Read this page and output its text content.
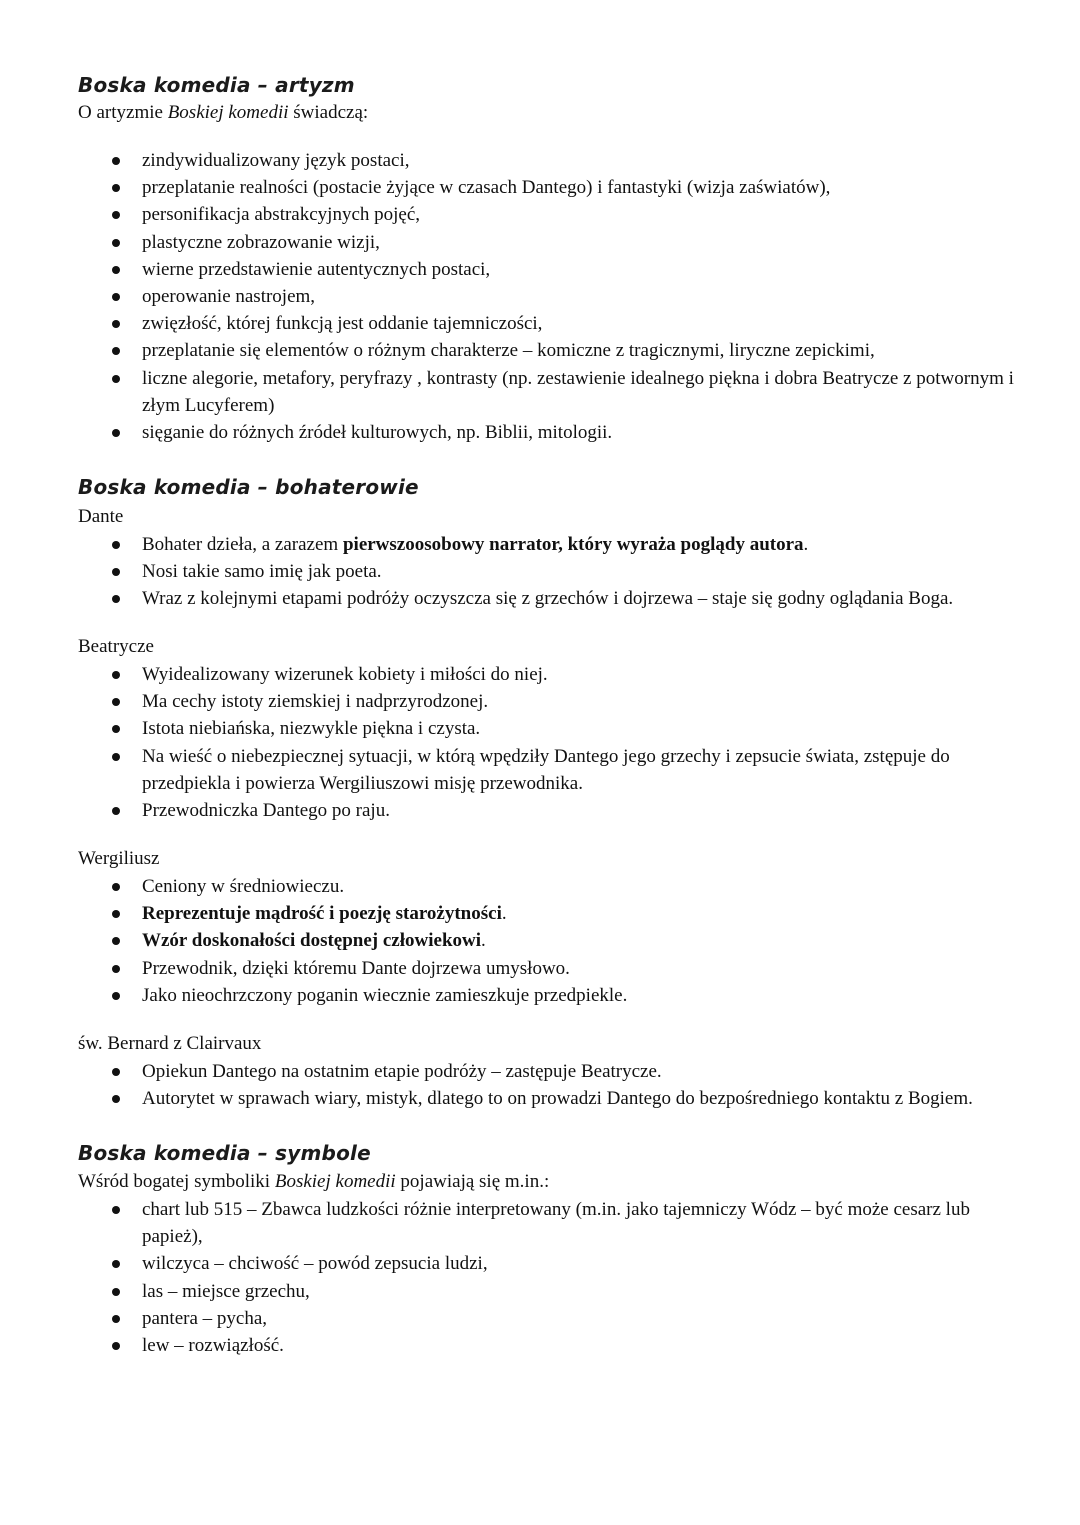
Boska komedia – artyzm
O artyzmie Boskiej komedii świadczą:
zindywidualizowany język postaci,
przeplatanie realności (postacie żyjące w czasach Dantego) i fantastyki (wizja zaświatów),
personifikacja abstrakcyjnych pojęć,
plastyczne zobrazowanie wizji,
wierne przedstawienie autentycznych postaci,
operowanie nastrojem,
zwięzłość, której funkcją jest oddanie tajemniczości,
przeplatanie się elementów o różnym charakterze – komiczne z tragicznymi, liryczne zepickimi,
liczne alegorie, metafory, peryfrazy , kontrasty (np. zestawienie idealnego piękna i dobra Beatrycze z potwornym i złym Lucyferem)
sięganie do różnych źródeł kulturowych, np. Biblii, mitologii.
Boska komedia – bohaterowie
Dante
Bohater dzieła, a zarazem pierwszoosobowy narrator, który wyraża poglądy autora.
Nosi takie samo imię jak poeta.
Wraz z kolejnymi etapami podróży oczyszcza się z grzechów i dojrzewa – staje się godny oglądania Boga.
Beatrycze
Wyidealizowany wizerunek kobiety i miłości do niej.
Ma cechy istoty ziemskiej i nadprzyrodzonej.
Istota niebiańska, niezwykle piękna i czysta.
Na wieść o niebezpiecznej sytuacji, w którą wpędziły Dantego jego grzechy i zepsucie świata, zstępuje do przedpiekla i powierza Wergiliuszowi misję przewodnika.
Przewodniczka Dantego po raju.
Wergiliusz
Ceniony w średniowieczu.
Reprezentuje mądrość i poezję starożytności.
Wzór doskonałości dostępnej człowiekowi.
Przewodnik, dzięki któremu Dante dojrzewa umysłowo.
Jako nieochrzczony poganin wiecznie zamieszkuje przedpiekle.
św. Bernard z Clairvaux
Opiekun Dantego na ostatnim etapie podróży – zastępuje Beatrycze.
Autorytet w sprawach wiary, mistyk, dlatego to on prowadzi Dantego do bezpośredniego kontaktu z Bogiem.
Boska komedia – symbole
Wśród bogatej symboliki Boskiej komedii pojawiają się m.in.:
chart lub 515 – Zbawca ludzkości różnie interpretowany (m.in. jako tajemniczy Wódz – być może cesarz lub papież),
wilczyca – chciwość – powód zepsucia ludzi,
las – miejsce grzechu,
pantera – pycha,
lew – rozwiązłość.
